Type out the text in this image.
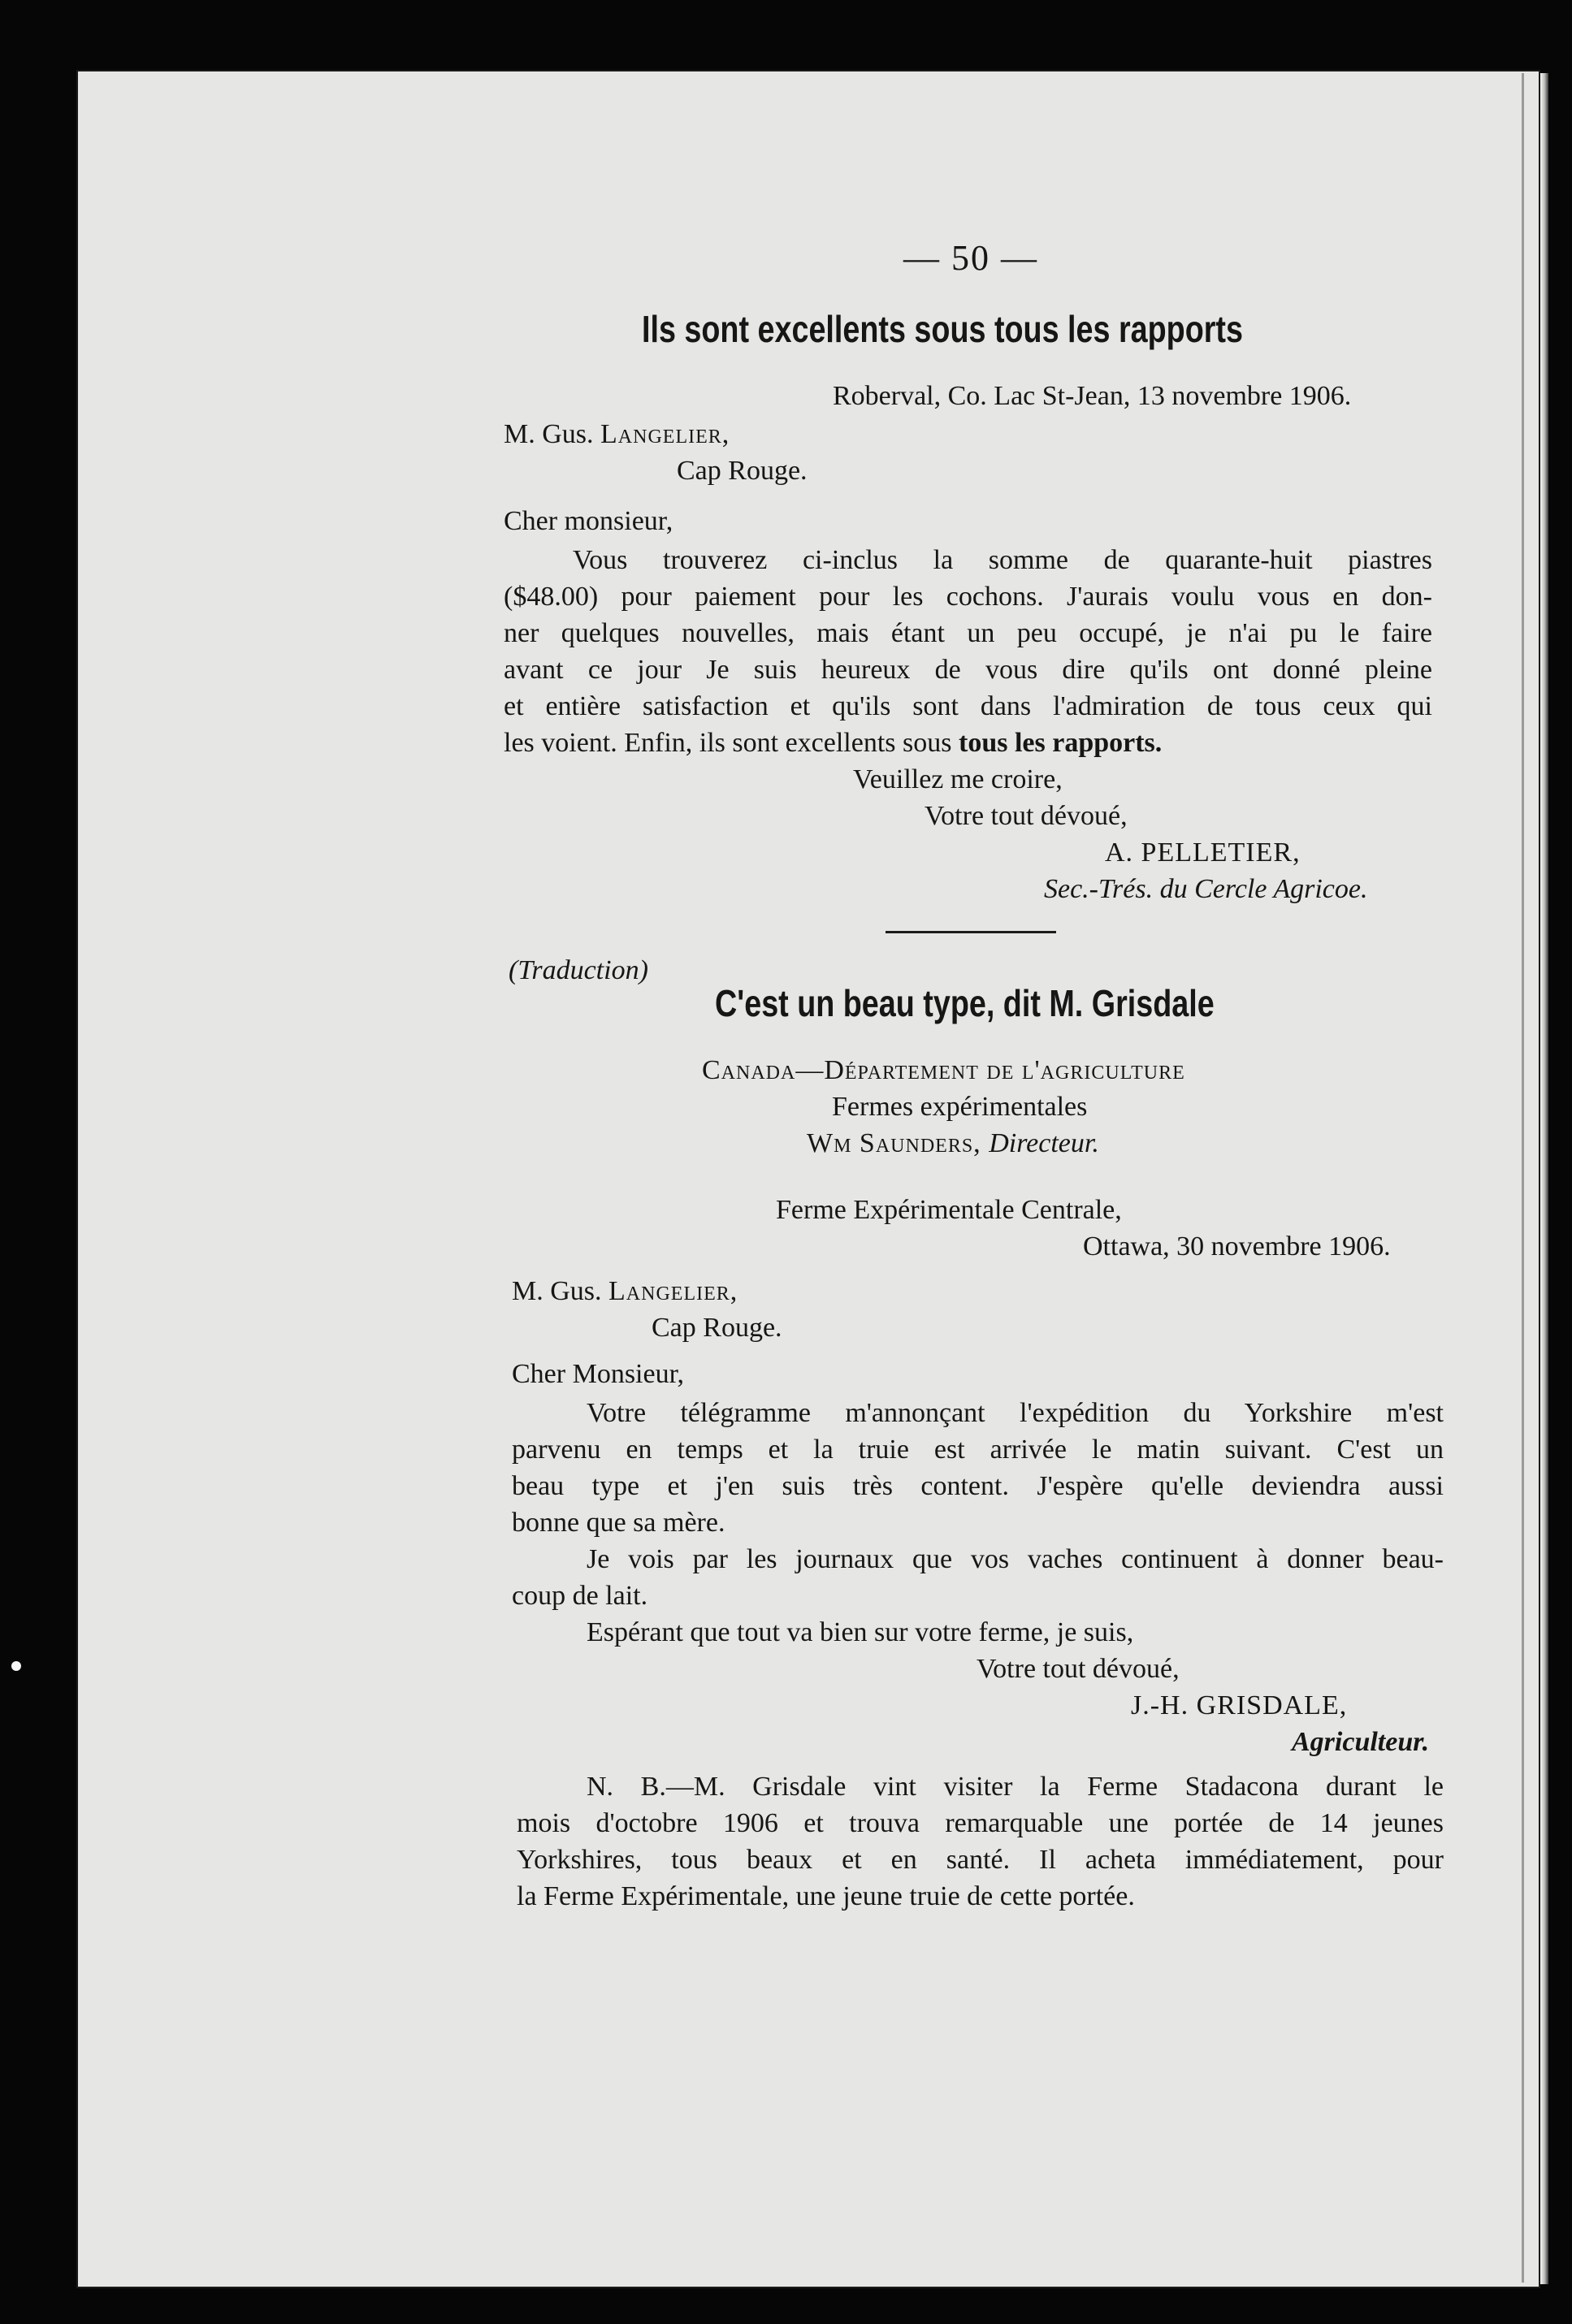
— 50 —
Ils sont excellents sous tous les rapports
Roberval, Co. Lac St-Jean, 13 novembre 1906.
M. Gus. Langelier,
Cap Rouge.
Cher monsieur,
Vous trouverez ci-inclus la somme de quarante-huit piastres
($48.00) pour paiement pour les cochons. J'aurais voulu vous en don-
ner quelques nouvelles, mais étant un peu occupé, je n'ai pu le faire
avant ce jour Je suis heureux de vous dire qu'ils ont donné pleine
et entière satisfaction et qu'ils sont dans l'admiration de tous ceux qui
les voient. Enfin, ils sont excellents sous tous les rapports.
Veuillez me croire,
Votre tout dévoué,
A. PELLETIER,
Sec.-Trés. du Cercle Agricoe.
(Traduction)
C'est un beau type, dit M. Grisdale
Canada—Département de l'agriculture
Fermes expérimentales
Wm Saunders, Directeur.
Ferme Expérimentale Centrale,
Ottawa, 30 novembre 1906.
M. Gus. Langelier,
Cap Rouge.
Cher Monsieur,
Votre télégramme m'annonçant l'expédition du Yorkshire m'est
parvenu en temps et la truie est arrivée le matin suivant. C'est un
beau type et j'en suis très content. J'espère qu'elle deviendra aussi
bonne que sa mère.
Je vois par les journaux que vos vaches continuent à donner beau-
coup de lait.
Espérant que tout va bien sur votre ferme, je suis,
Votre tout dévoué,
J.-H. GRISDALE,
Agriculteur.
N. B.—M. Grisdale vint visiter la Ferme Stadacona durant le
mois d'octobre 1906 et trouva remarquable une portée de 14 jeunes
Yorkshires, tous beaux et en santé. Il acheta immédiatement, pour
la Ferme Expérimentale, une jeune truie de cette portée.
